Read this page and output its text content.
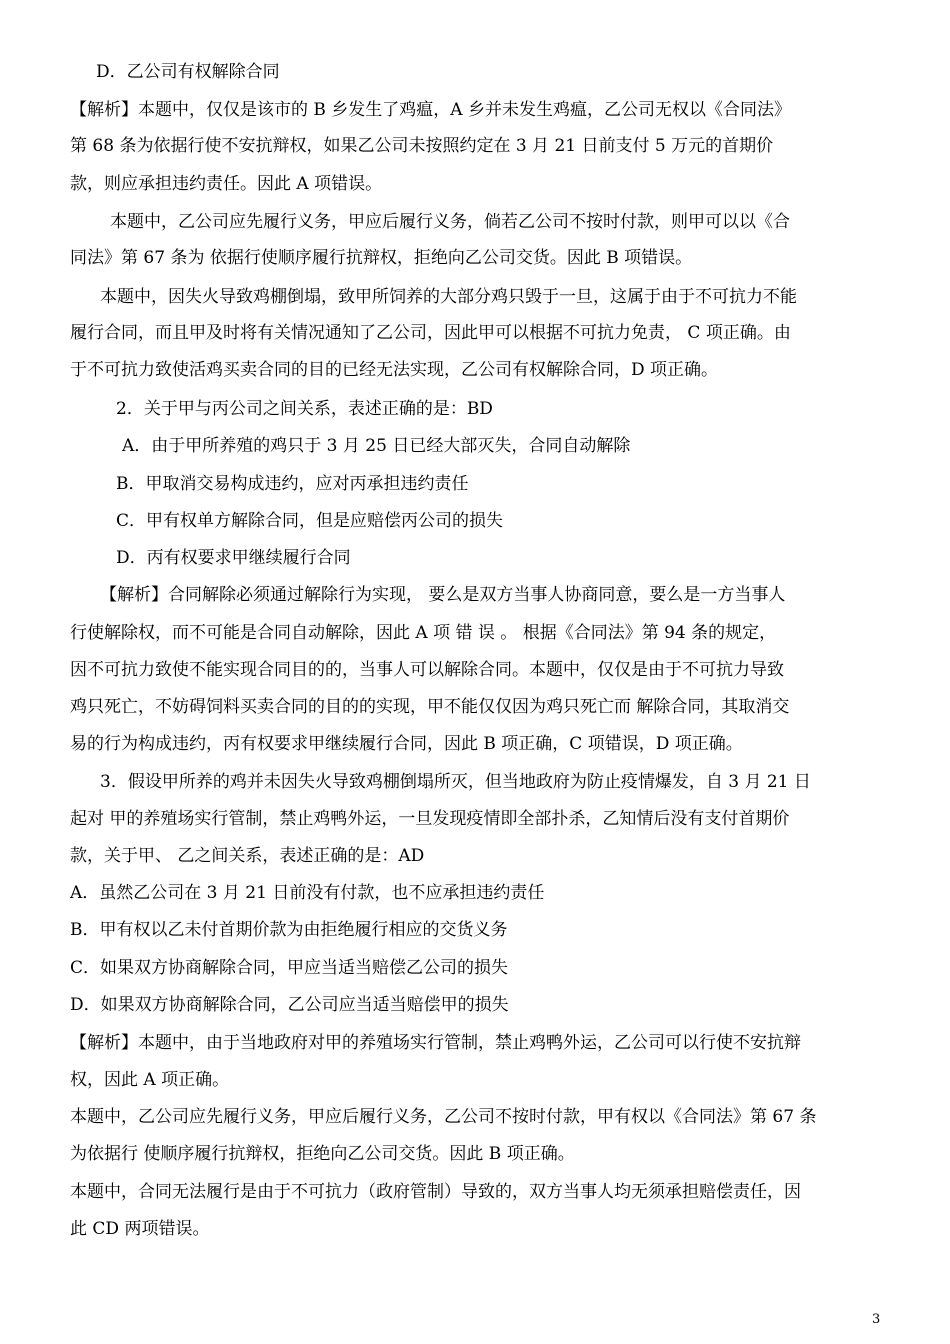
D．乙公司有权解除合同
【解析】本题中，仅仅是该市的 B 乡发生了鸡瘟，A 乡并未发生鸡瘟，乙公司无权以《合同法》
第 68 条为依据行使不安抗辩权，如果乙公司未按照约定在 3 月 21 日前支付 5 万元的首期价
款，则应承担违约责任。因此 A 项错误。
本题中，乙公司应先履行义务，甲应后履行义务，倘若乙公司不按时付款，则甲可以以《合
同法》第 67 条为 依据行使顺序履行抗辩权，拒绝向乙公司交货。因此 B 项错误。
本题中，因失火导致鸡棚倒塌，致甲所饲养的大部分鸡只毁于一旦，这属于由于不可抗力不能
履行合同，而且甲及时将有关情况通知了乙公司，因此甲可以根据不可抗力免责， C 项正确。由
于不可抗力致使活鸡买卖合同的目的已经无法实现，乙公司有权解除合同，D 项正确。
2．关于甲与丙公司之间关系，表述正确的是：BD
A．由于甲所养殖的鸡只于 3 月 25 日已经大部灭失，合同自动解除
B．甲取消交易构成违约，应对丙承担违约责任
C．甲有权单方解除合同，但是应赔偿丙公司的损失
D．丙有权要求甲继续履行合同
【解析】合同解除必须通过解除行为实现， 要么是双方当事人协商同意，要么是一方当事人
行使解除权，而不可能是合同自动解除，因此 A 项 错 误 。 根据《合同法》第 94 条的规定，
因不可抗力致使不能实现合同目的的，当事人可以解除合同。本题中，仅仅是由于不可抗力导致
鸡只死亡，不妨碍饲料买卖合同的目的的实现，甲不能仅仅因为鸡只死亡而 解除合同，其取消交
易的行为构成违约，丙有权要求甲继续履行合同，因此 B 项正确，C 项错误，D 项正确。
3．假设甲所养的鸡并未因失火导致鸡棚倒塌所灭，但当地政府为防止疫情爆发，自 3 月 21 日
起对 甲的养殖场实行管制，禁止鸡鸭外运，一旦发现疫情即全部扑杀，乙知情后没有支付首期价
款，关于甲、 乙之间关系，表述正确的是：AD
A．虽然乙公司在 3 月 21 日前没有付款，也不应承担违约责任
B．甲有权以乙未付首期价款为由拒绝履行相应的交货义务
C．如果双方协商解除合同，甲应当适当赔偿乙公司的损失
D．如果双方协商解除合同，乙公司应当适当赔偿甲的损失
【解析】本题中，由于当地政府对甲的养殖场实行管制，禁止鸡鸭外运，乙公司可以行使不安抗辩
权，因此 A 项正确。
本题中，乙公司应先履行义务，甲应后履行义务，乙公司不按时付款，甲有权以《合同法》第 67 条
为依据行 使顺序履行抗辩权，拒绝向乙公司交货。因此 B 项正确。
本题中，合同无法履行是由于不可抗力（政府管制）导致的，双方当事人均无须承担赔偿责任，因
此 CD 两项错误。
3
